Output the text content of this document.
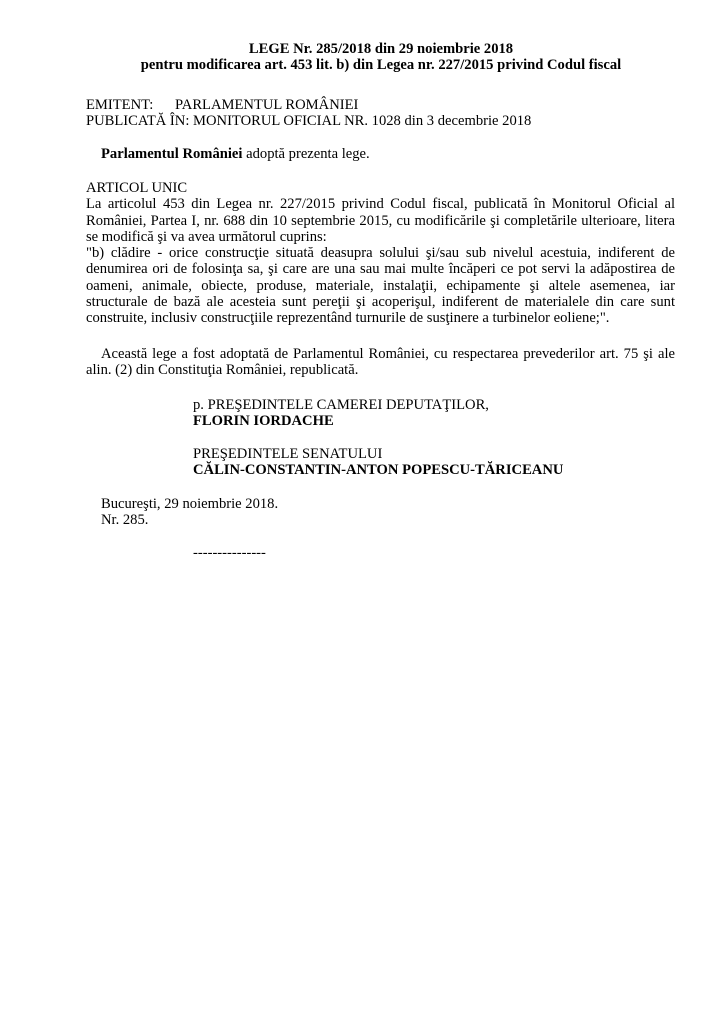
LEGE Nr. 285/2018 din 29 noiembrie 2018
pentru modificarea art. 453 lit. b) din Legea nr. 227/2015 privind Codul fiscal
EMITENT: PARLAMENTUL ROMÂNIEI
PUBLICATĂ ÎN: MONITORUL OFICIAL NR. 1028 din 3 decembrie 2018
Parlamentul României adoptă prezenta lege.
ARTICOL UNIC
La articolul 453 din Legea nr. 227/2015 privind Codul fiscal, publicată în Monitorul Oficial al
României, Partea I, nr. 688 din 10 septembrie 2015, cu modificările şi completările ulterioare, litera
se modifică şi va avea următorul cuprins:
"b) clădire - orice construcţie situată deasupra solului şi/sau sub nivelul acestuia, indiferent de
denumirea ori de folosinţa sa, şi care are una sau mai multe încăperi ce pot servi la adăpostirea de
oameni, animale, obiecte, produse, materiale, instalaţii, echipamente şi altele asemenea, iar
structurale de bază ale acesteia sunt pereţii şi acoperişul, indiferent de materialele din care sunt
construite, inclusiv construcţiile reprezentând turnurile de susţinere a turbinelor eoliene;".
Această lege a fost adoptată de Parlamentul României, cu respectarea prevederilor art. 75 şi ale
alin. (2) din Constituţia României, republicată.
p. PREŞEDINTELE CAMEREI DEPUTAŢILOR,
FLORIN IORDACHE
PREŞEDINTELE SENATULUI
CĂLIN-CONSTANTIN-ANTON POPESCU-TĂRICEANU
Bucureşti, 29 noiembrie 2018.
Nr. 285.
---------------
